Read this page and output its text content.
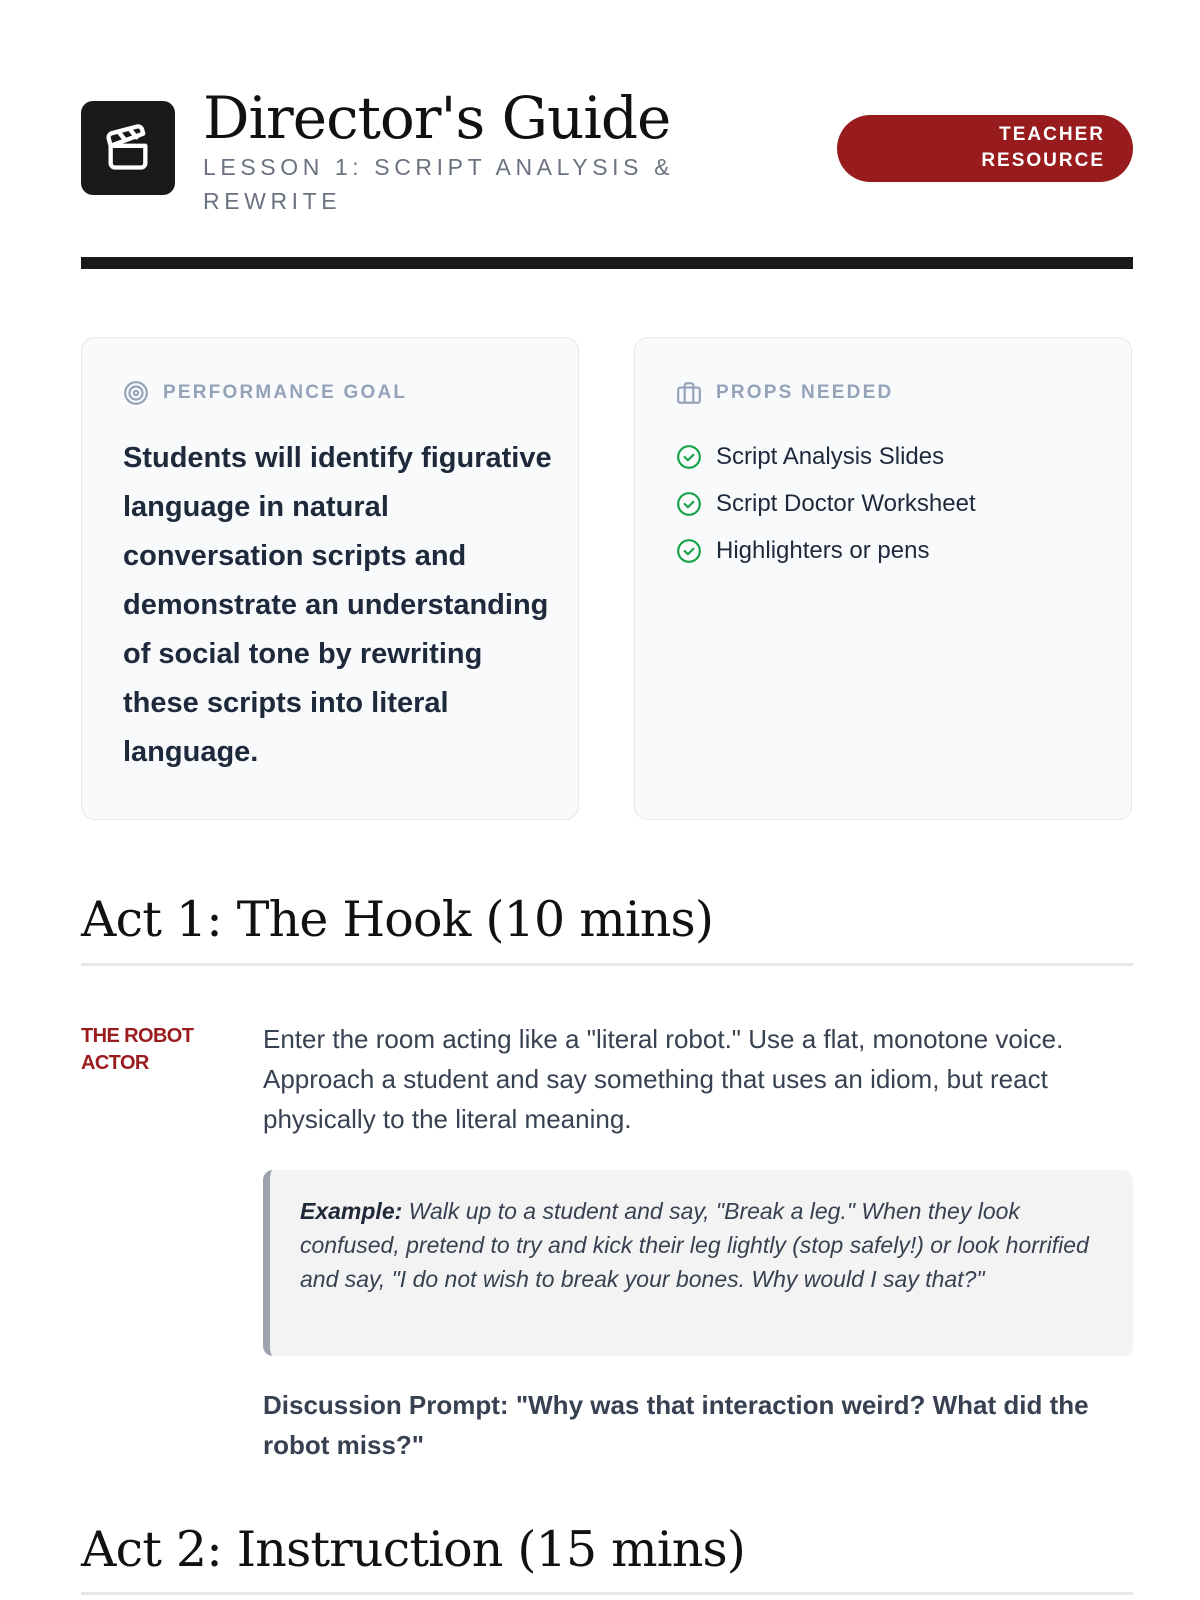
Director's Guide
LESSON 1: SCRIPT ANALYSIS & REWRITE
TEACHER
RESOURCE
PERFORMANCE GOAL

Students will identify figurative language in natural conversation scripts and demonstrate an understanding of social tone by rewriting these scripts into literal language.

PROPS NEEDED
Script Analysis Slides
Script Doctor Worksheet
Highlighters or pens
Act 1: The Hook (10 mins)
THE ROBOT
ACTOR

Enter the room acting like a "literal robot." Use a flat, monotone voice. Approach a student and say something that uses an idiom, but react physically to the literal meaning.

Example: Walk up to a student and say, "Break a leg." When they look confused, pretend to try and kick their leg lightly (stop safely!) or look horrified and say, "I do not wish to break your bones. Why would I say that?"

Discussion Prompt: "Why was that interaction weird? What did the robot miss?"

Act 2: Instruction (15 mins)
